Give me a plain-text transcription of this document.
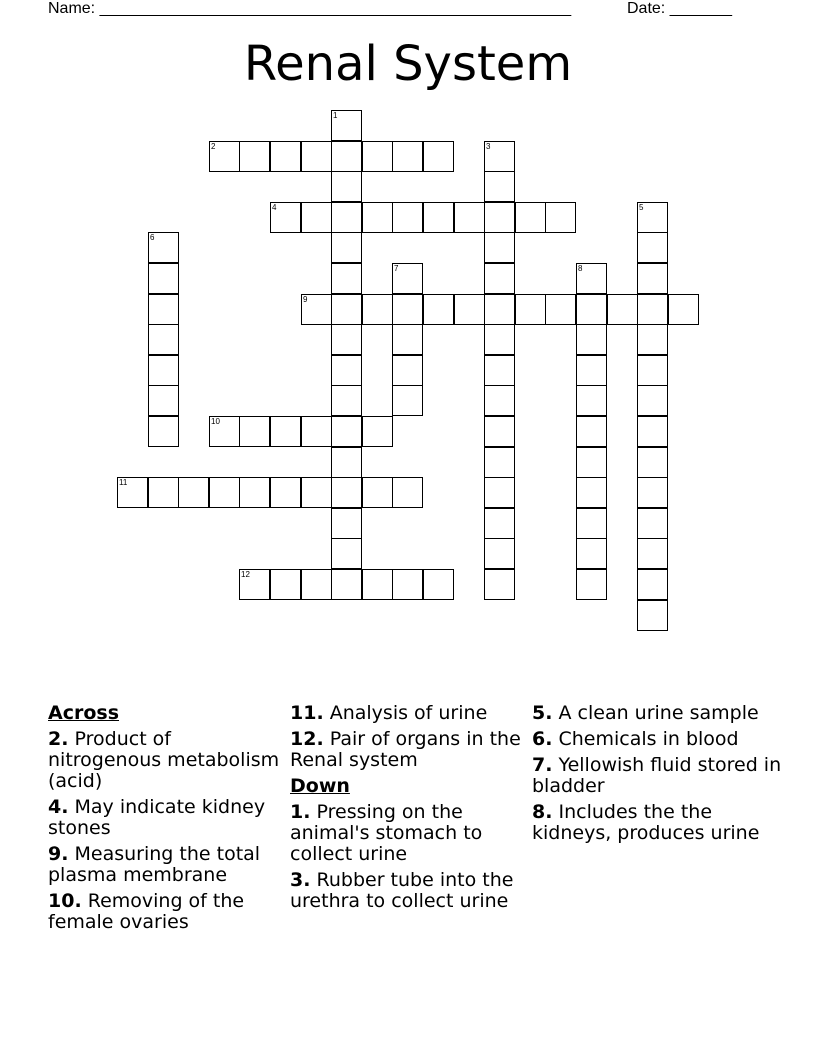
Name: _____________________________________________________	Date: _______
Renal System
1
2	3
4	5
6
7	8
9
10
11
12
Across
2. Product of nitrogenous metabolism (acid)
4. May indicate kidney stones
9. Measuring the total plasma membrane
10. Removing of the female ovaries
11. Analysis of urine
12. Pair of organs in the Renal system
Down
1. Pressing on the animal's stomach to collect urine
3. Rubber tube into the urethra to collect urine
5. A clean urine sample
6. Chemicals in blood
7. Yellowish fluid stored in bladder
8. Includes the the kidneys, produces urine
